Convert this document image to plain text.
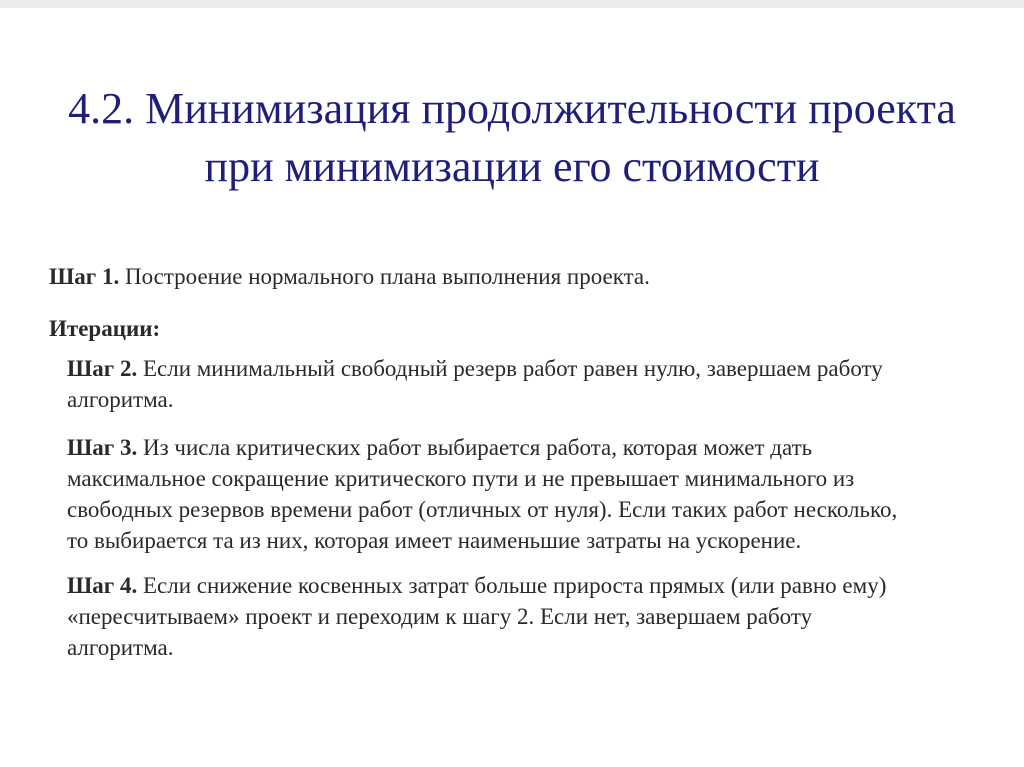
4.2. Минимизация продолжительности проекта
при минимизации его стоимости

Шаг 1. Построение нормального плана выполнения проекта.

Итерации:

Шаг 2. Если минимальный свободный резерв работ равен нулю, завершаем работу
алгоритма.

Шаг 3. Из числа критических работ выбирается работа, которая может дать
максимальное сокращение критического пути и не превышает минимального из
свободных резервов времени работ (отличных от нуля). Если таких работ несколько,
то выбирается та из них, которая имеет наименьшие затраты на ускорение.

Шаг 4. Если снижение косвенных затрат больше прироста прямых (или равно ему)
«пересчитываем» проект и переходим к шагу 2. Если нет, завершаем работу
алгоритма.
